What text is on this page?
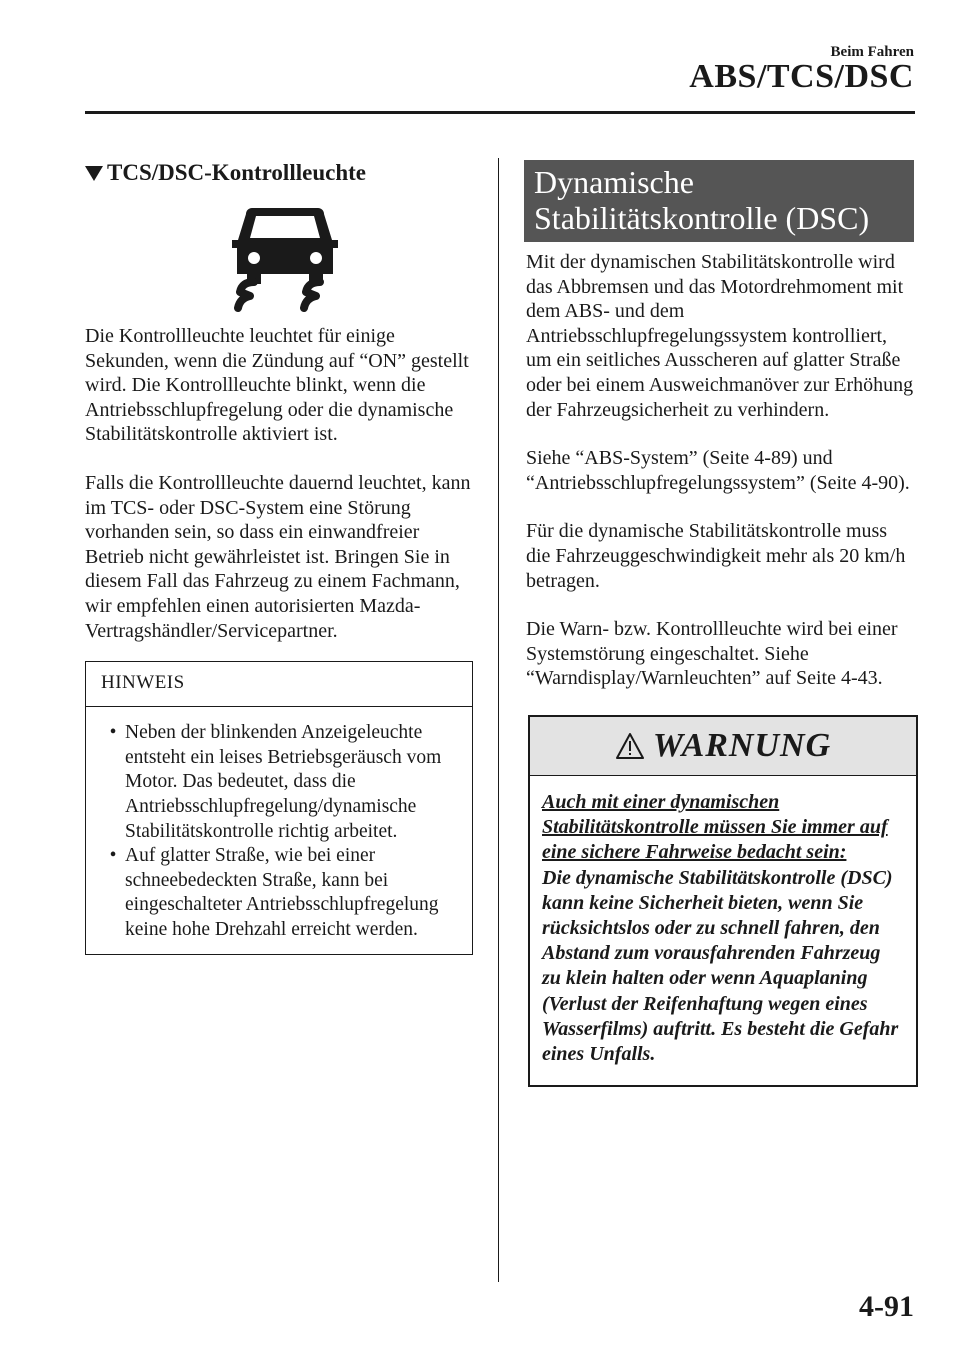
Beim Fahren
ABS/TCS/DSC
TCS/DSC-Kontrollleuchte

Die Kontrollleuchte leuchtet für einige Sekunden, wenn die Zündung auf “ON” gestellt wird. Die Kontrollleuchte blinkt, wenn die Antriebsschlupfregelung oder die dynamische Stabilitätskontrolle aktiviert ist.

Falls die Kontrollleuchte dauernd leuchtet, kann im TCS- oder DSC-System eine Störung vorhanden sein, so dass ein einwandfreier Betrieb nicht gewährleistet ist. Bringen Sie in diesem Fall das Fahrzeug zu einem Fachmann, wir empfehlen einen autorisierten Mazda-Vertragshändler/Servicepartner.

HINWEIS
• Neben der blinkenden Anzeigeleuchte entsteht ein leises Betriebsgeräusch vom Motor. Das bedeutet, dass die Antriebsschlupfregelung/dynamische Stabilitätskontrolle richtig arbeitet.
• Auf glatter Straße, wie bei einer schneebedeckten Straße, kann bei eingeschalteter Antriebsschlupfregelung keine hohe Drehzahl erreicht werden.
Dynamische
Stabilitätskontrolle (DSC)

Mit der dynamischen Stabilitätskontrolle wird das Abbremsen und das Motordrehmoment mit dem ABS- und dem Antriebsschlupfregelungssystem kontrolliert, um ein seitliches Ausscheren auf glatter Straße oder bei einem Ausweichmanöver zur Erhöhung der Fahrzeugsicherheit zu verhindern.

Siehe “ABS-System” (Seite 4-89) und “Antriebsschlupfregelungssystem” (Seite 4-90).

Für die dynamische Stabilitätskontrolle muss die Fahrzeuggeschwindigkeit mehr als 20 km/h betragen.

Die Warn- bzw. Kontrollleuchte wird bei einer Systemstörung eingeschaltet. Siehe “Warndisplay/Warnleuchten” auf Seite 4-43.

WARNUNG
Auch mit einer dynamischen Stabilitätskontrolle müssen Sie immer auf eine sichere Fahrweise bedacht sein:
Die dynamische Stabilitätskontrolle (DSC) kann keine Sicherheit bieten, wenn Sie rücksichtslos oder zu schnell fahren, den Abstand zum vorausfahrenden Fahrzeug zu klein halten oder wenn Aquaplaning (Verlust der Reifenhaftung wegen eines Wasserfilms) auftritt. Es besteht die Gefahr eines Unfalls.
4-91
